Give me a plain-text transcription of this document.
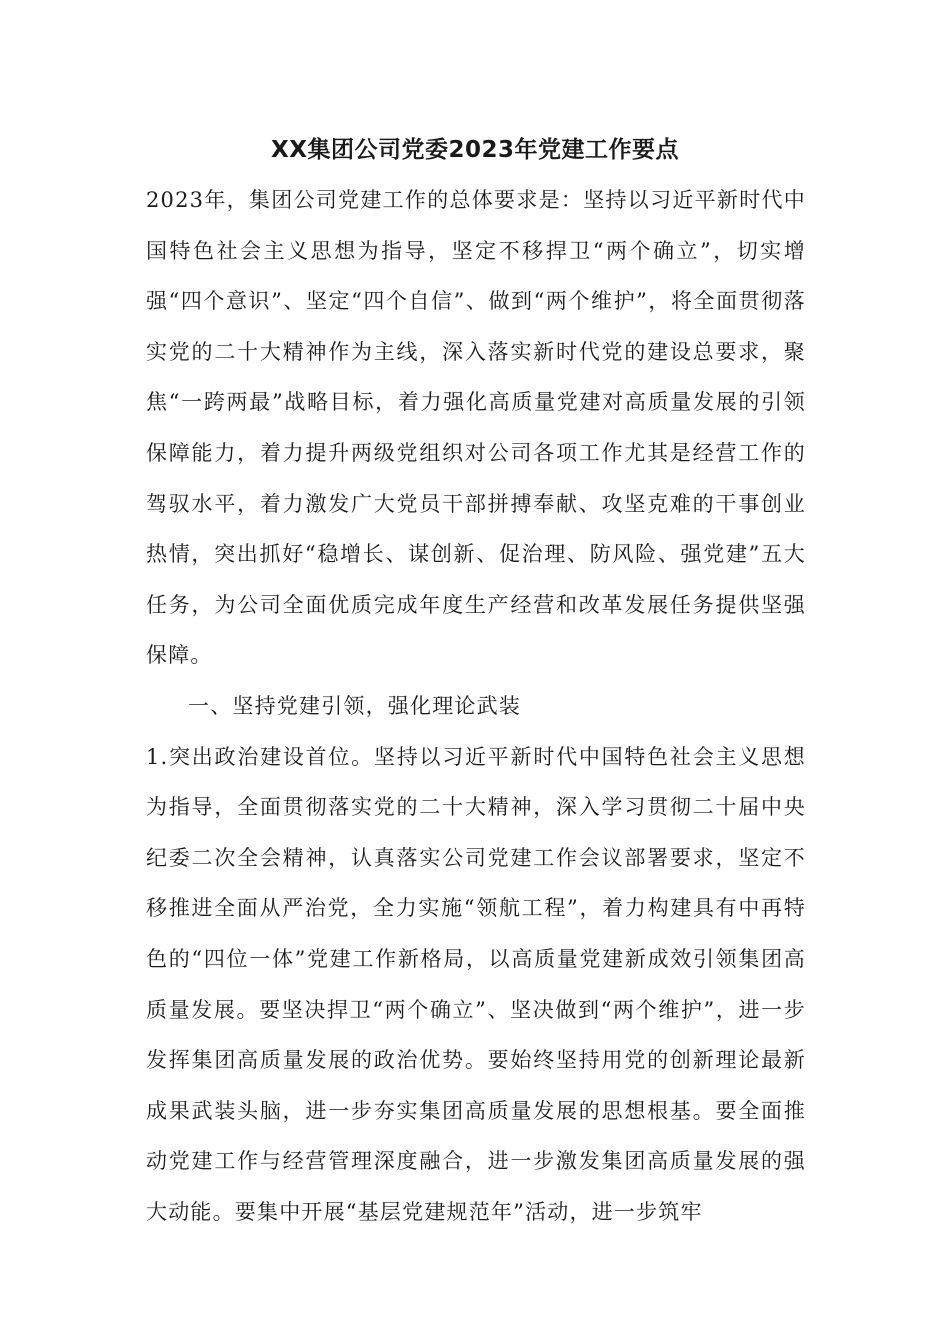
XX集团公司党委2023年党建工作要点

2023年，集团公司党建工作的总体要求是：坚持以习近平新时代中国特色社会主义思想为指导，坚定不移捍卫“两个确立”，切实增强“四个意识”、坚定“四个自信”、做到“两个维护”，将全面贯彻落实党的二十大精神作为主线，深入落实新时代党的建设总要求，聚焦“一跨两最”战略目标，着力强化高质量党建对高质量发展的引领保障能力，着力提升两级党组织对公司各项工作尤其是经营工作的驾驭水平，着力激发广大党员干部拼搏奉献、攻坚克难的干事创业热情，突出抓好“稳增长、谋创新、促治理、防风险、强党建”五大任务，为公司全面优质完成年度生产经营和改革发展任务提供坚强保障。

一、坚持党建引领，强化理论武装

1.突出政治建设首位。坚持以习近平新时代中国特色社会主义思想为指导，全面贯彻落实党的二十大精神，深入学习贯彻二十届中央纪委二次全会精神，认真落实公司党建工作会议部署要求，坚定不移推进全面从严治党，全力实施“领航工程”，着力构建具有中再特色的“四位一体”党建工作新格局，以高质量党建新成效引领集团高质量发展。要坚决捍卫“两个确立”、坚决做到“两个维护”，进一步发挥集团高质量发展的政治优势。要始终坚持用党的创新理论最新成果武装头脑，进一步夯实集团高质量发展的思想根基。要全面推动党建工作与经营管理深度融合，进一步激发集团高质量发展的强大动能。要集中开展“基层党建规范年”活动，进一步筑牢
